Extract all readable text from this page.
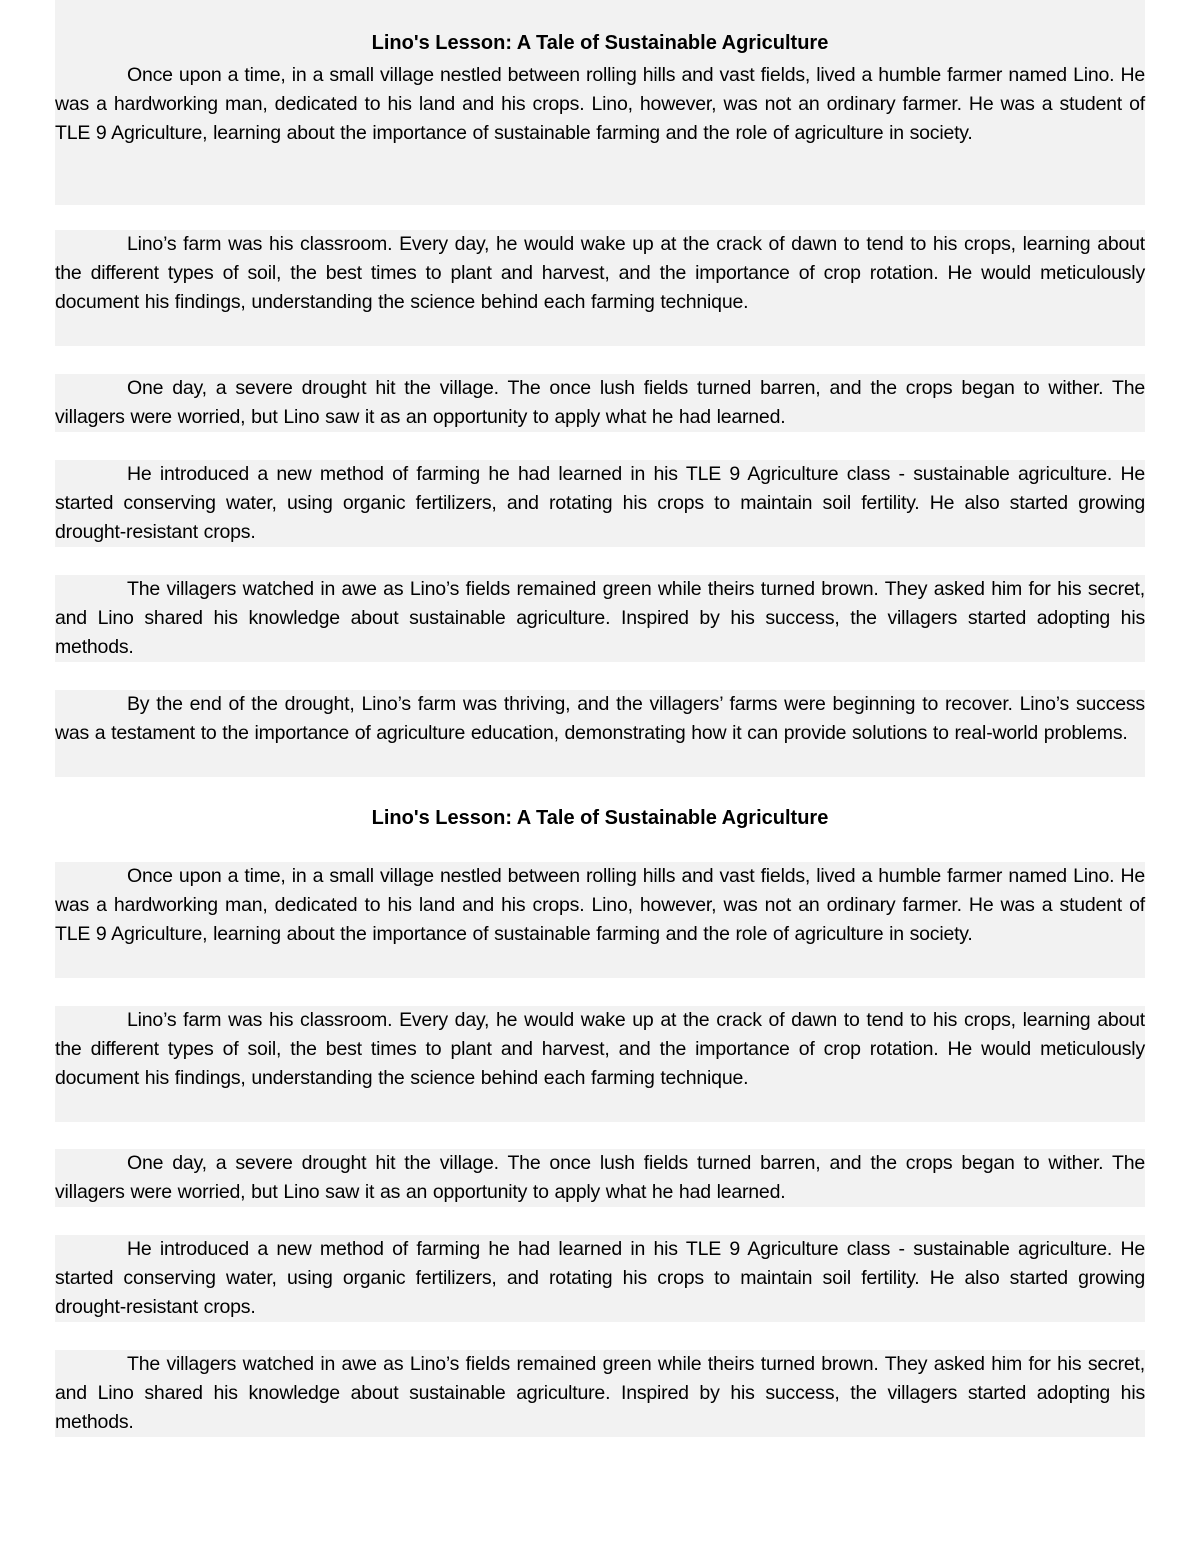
Lino's Lesson: A Tale of Sustainable Agriculture

Once upon a time, in a small village nestled between rolling hills and vast fields, lived a humble farmer named Lino. He was a hardworking man, dedicated to his land and his crops. Lino, however, was not an ordinary farmer. He was a student of TLE 9 Agriculture, learning about the importance of sustainable farming and the role of agriculture in society.

Lino’s farm was his classroom. Every day, he would wake up at the crack of dawn to tend to his crops, learning about the different types of soil, the best times to plant and harvest, and the importance of crop rotation. He would meticulously document his findings, understanding the science behind each farming technique.

One day, a severe drought hit the village. The once lush fields turned barren, and the crops began to wither. The villagers were worried, but Lino saw it as an opportunity to apply what he had learned.

He introduced a new method of farming he had learned in his TLE 9 Agriculture class - sustainable agriculture. He started conserving water, using organic fertilizers, and rotating his crops to maintain soil fertility. He also started growing drought-resistant crops.

The villagers watched in awe as Lino’s fields remained green while theirs turned brown. They asked him for his secret, and Lino shared his knowledge about sustainable agriculture. Inspired by his success, the villagers started adopting his methods.

By the end of the drought, Lino’s farm was thriving, and the villagers’ farms were beginning to recover. Lino’s success was a testament to the importance of agriculture education, demonstrating how it can provide solutions to real-world problems.

Lino's Lesson: A Tale of Sustainable Agriculture

Once upon a time, in a small village nestled between rolling hills and vast fields, lived a humble farmer named Lino. He was a hardworking man, dedicated to his land and his crops. Lino, however, was not an ordinary farmer. He was a student of TLE 9 Agriculture, learning about the importance of sustainable farming and the role of agriculture in society.

Lino’s farm was his classroom. Every day, he would wake up at the crack of dawn to tend to his crops, learning about the different types of soil, the best times to plant and harvest, and the importance of crop rotation. He would meticulously document his findings, understanding the science behind each farming technique.

One day, a severe drought hit the village. The once lush fields turned barren, and the crops began to wither. The villagers were worried, but Lino saw it as an opportunity to apply what he had learned.

He introduced a new method of farming he had learned in his TLE 9 Agriculture class - sustainable agriculture. He started conserving water, using organic fertilizers, and rotating his crops to maintain soil fertility. He also started growing drought-resistant crops.

The villagers watched in awe as Lino’s fields remained green while theirs turned brown. They asked him for his secret, and Lino shared his knowledge about sustainable agriculture. Inspired by his success, the villagers started adopting his methods.
